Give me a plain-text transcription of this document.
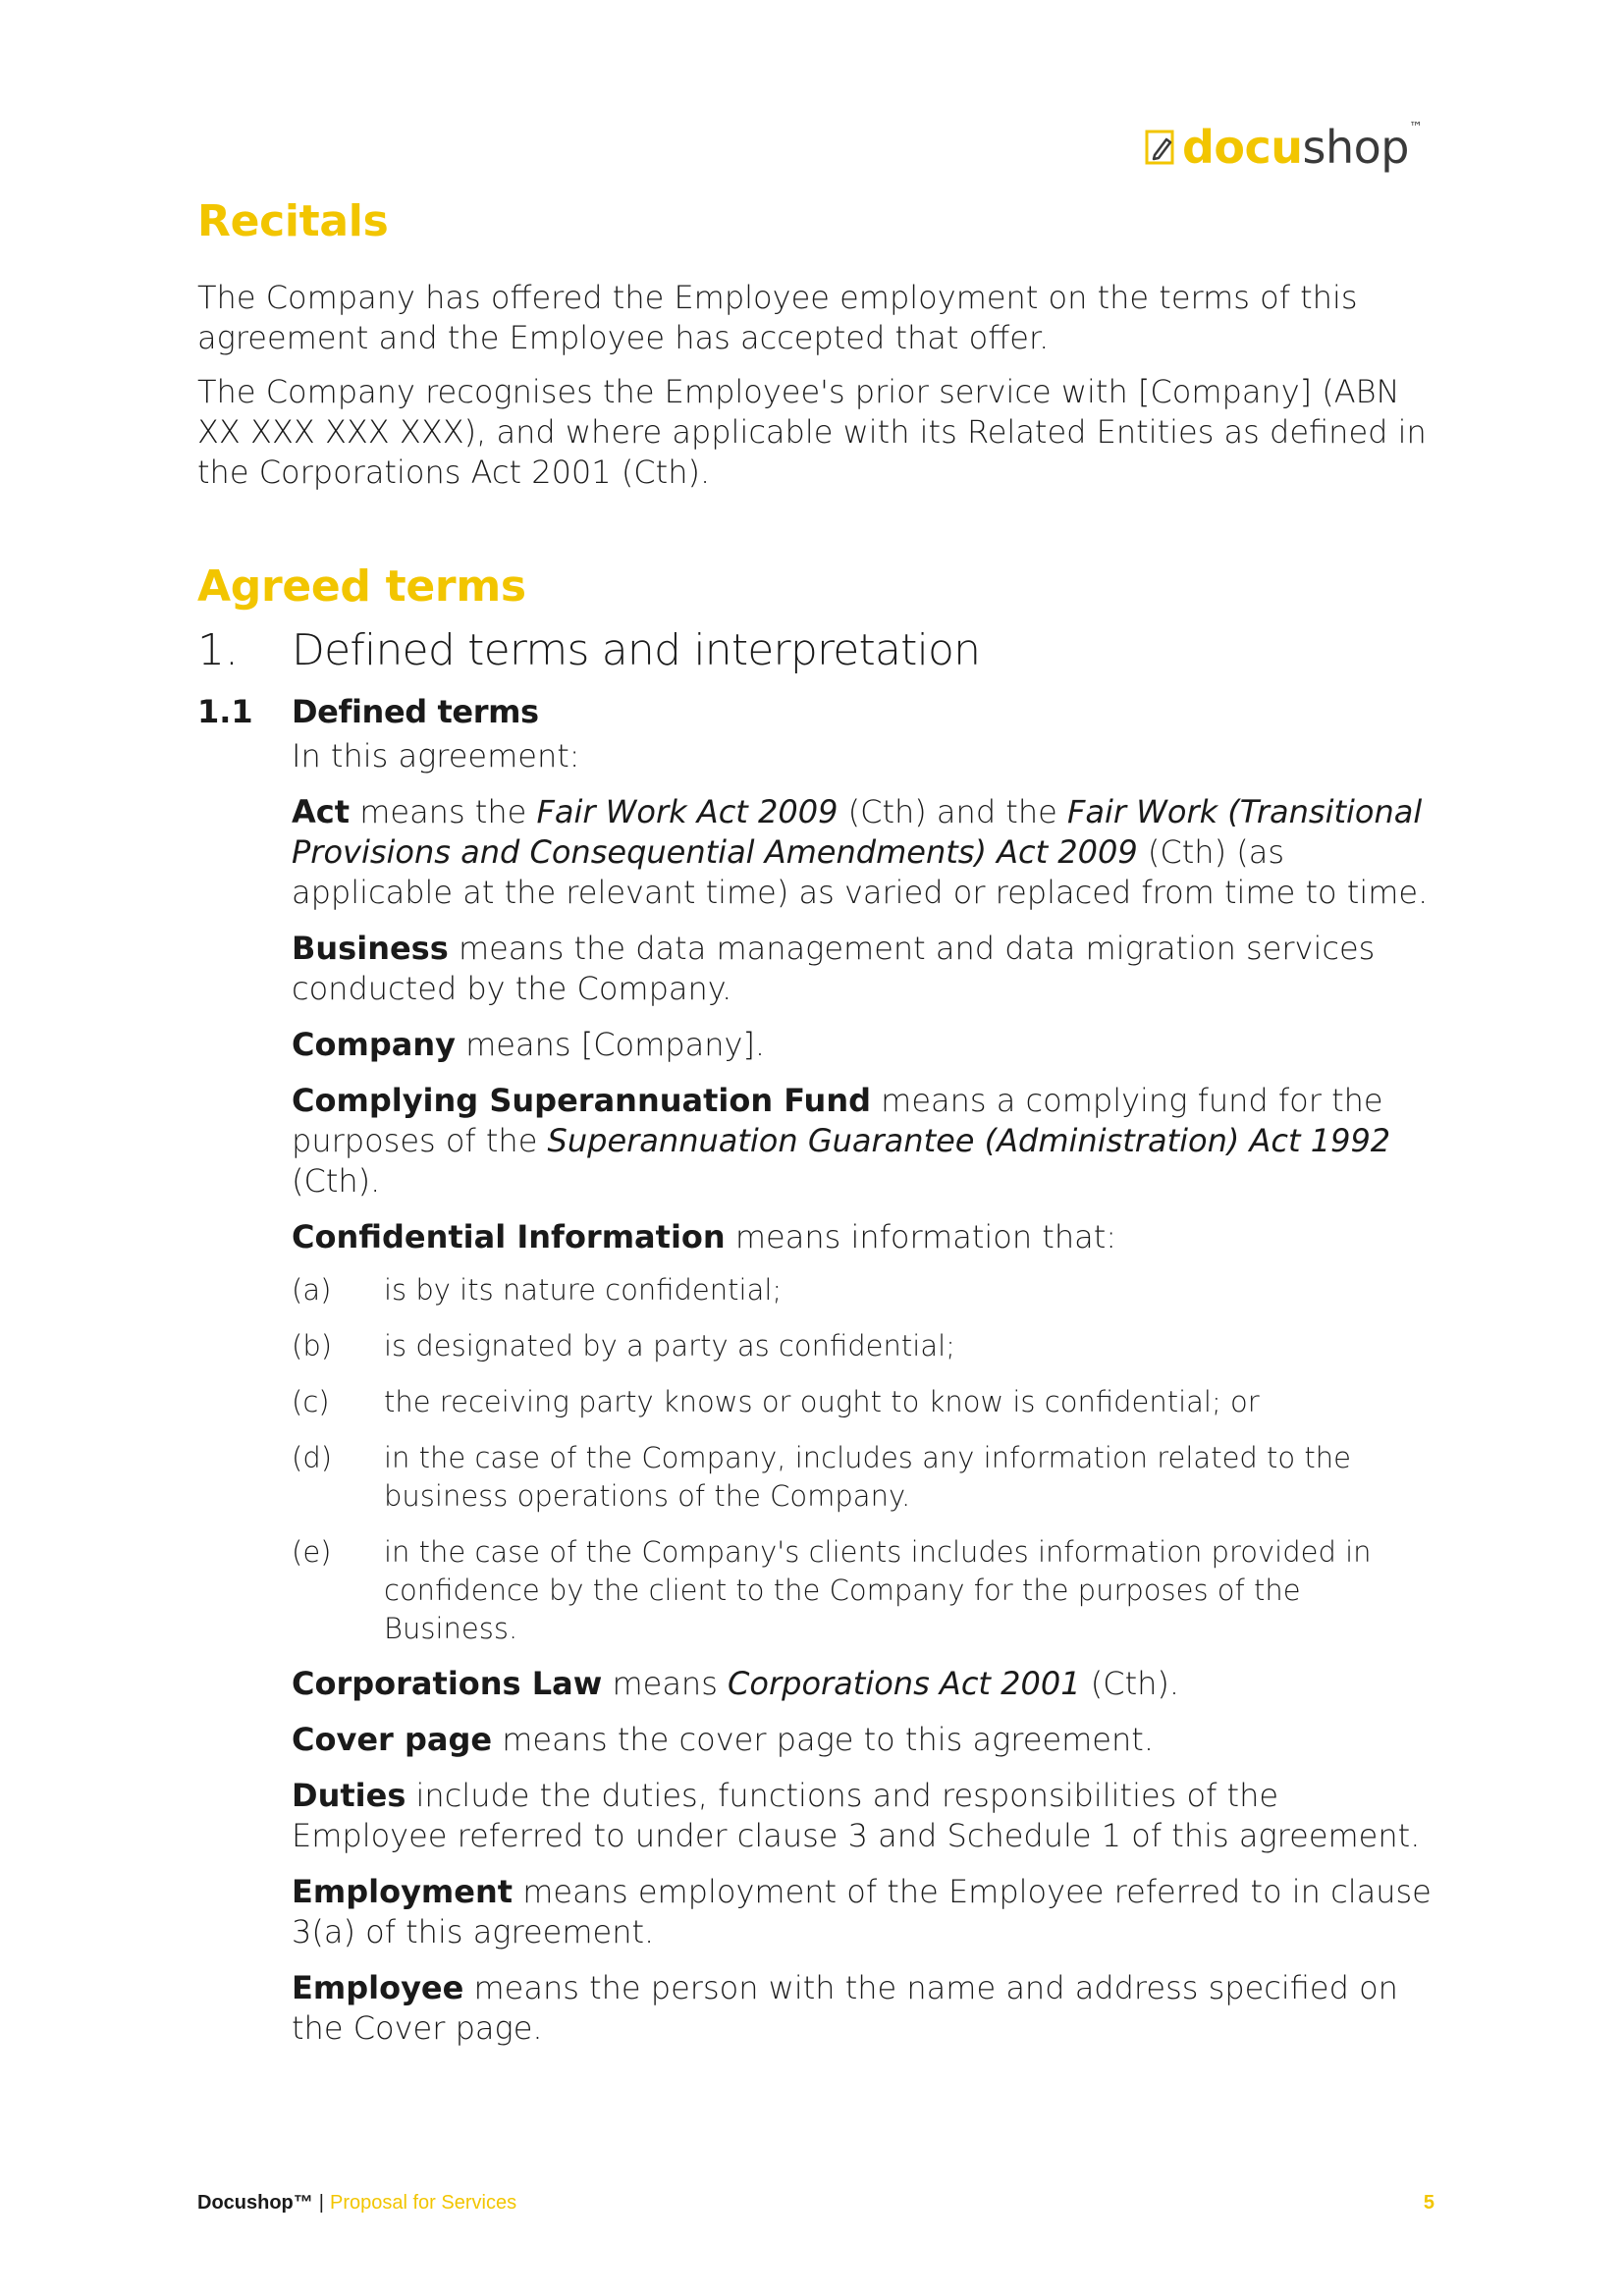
docushop™
Recitals

The Company has offered the Employee employment on the terms of this agreement and the Employee has accepted that offer.

The Company recognises the Employee's prior service with [Company] (ABN XX XXX XXX XXX), and where applicable with its Related Entities as defined in the Corporations Act 2001 (Cth).

Agreed terms
1.	Defined terms and interpretation
1.1	Defined terms

In this agreement:

Act means the Fair Work Act 2009 (Cth) and the Fair Work (Transitional Provisions and Consequential Amendments) Act 2009 (Cth) (as applicable at the relevant time) as varied or replaced from time to time.

Business means the data management and data migration services conducted by the Company.

Company means [Company].

Complying Superannuation Fund means a complying fund for the purposes of the Superannuation Guarantee (Administration) Act 1992 (Cth).

Confidential Information means information that:

(a)	is by its nature confidential;
(b)	is designated by a party as confidential;
(c)	the receiving party knows or ought to know is confidential; or
(d)	in the case of the Company, includes any information related to the business operations of the Company.
(e)	in the case of the Company's clients includes information provided in confidence by the client to the Company for the purposes of the Business.

Corporations Law means Corporations Act 2001 (Cth).

Cover page means the cover page to this agreement.

Duties include the duties, functions and responsibilities of the Employee referred to under clause 3 and Schedule 1 of this agreement.

Employment means employment of the Employee referred to in clause 3(a) of this agreement.

Employee means the person with the name and address specified on the Cover page.

Docushop™ | Proposal for Services	5
